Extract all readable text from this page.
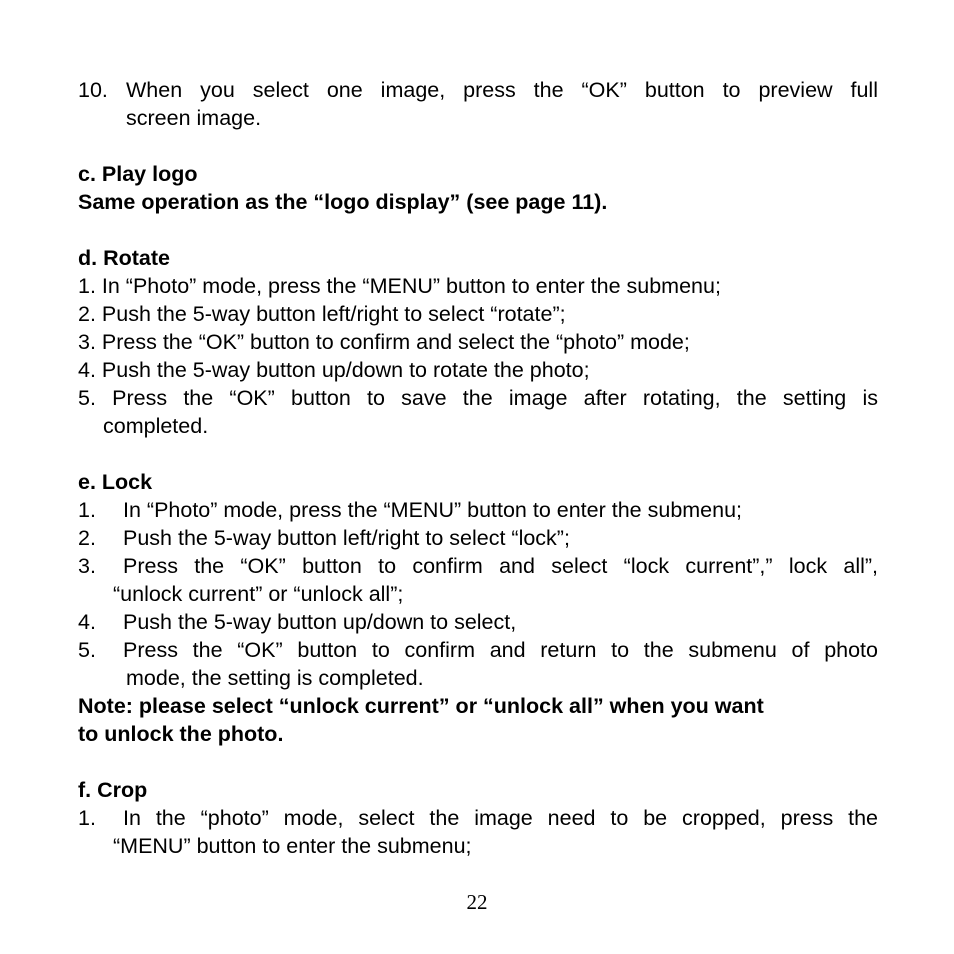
10. When you select one image, press the “OK” button to preview full
screen image.
c. Play logo
Same operation as the “logo display” (see page 11).
d. Rotate
1. In “Photo” mode, press the “MENU” button to enter the submenu;
2. Push the 5-way button left/right to select “rotate”;
3. Press the “OK” button to confirm and select the “photo” mode;
4. Push the 5-way button up/down to rotate the photo;
5. Press the “OK” button to save the image after rotating, the setting is
completed.
e. Lock
1.	In “Photo” mode, press the “MENU” button to enter the submenu;
2.	Push the 5-way button left/right to select “lock”;
3.	Press the “OK” button to confirm and select “lock current”,” lock all”,
“unlock current” or “unlock all”;
4.	Push the 5-way button up/down to select,
5.	Press the “OK” button to confirm and return to the submenu of photo
mode, the setting is completed.
Note: please select “unlock current” or “unlock all” when you want
to unlock the photo.
f. Crop
1.	In the “photo” mode, select the image need to be cropped, press the
“MENU” button to enter the submenu;
22
